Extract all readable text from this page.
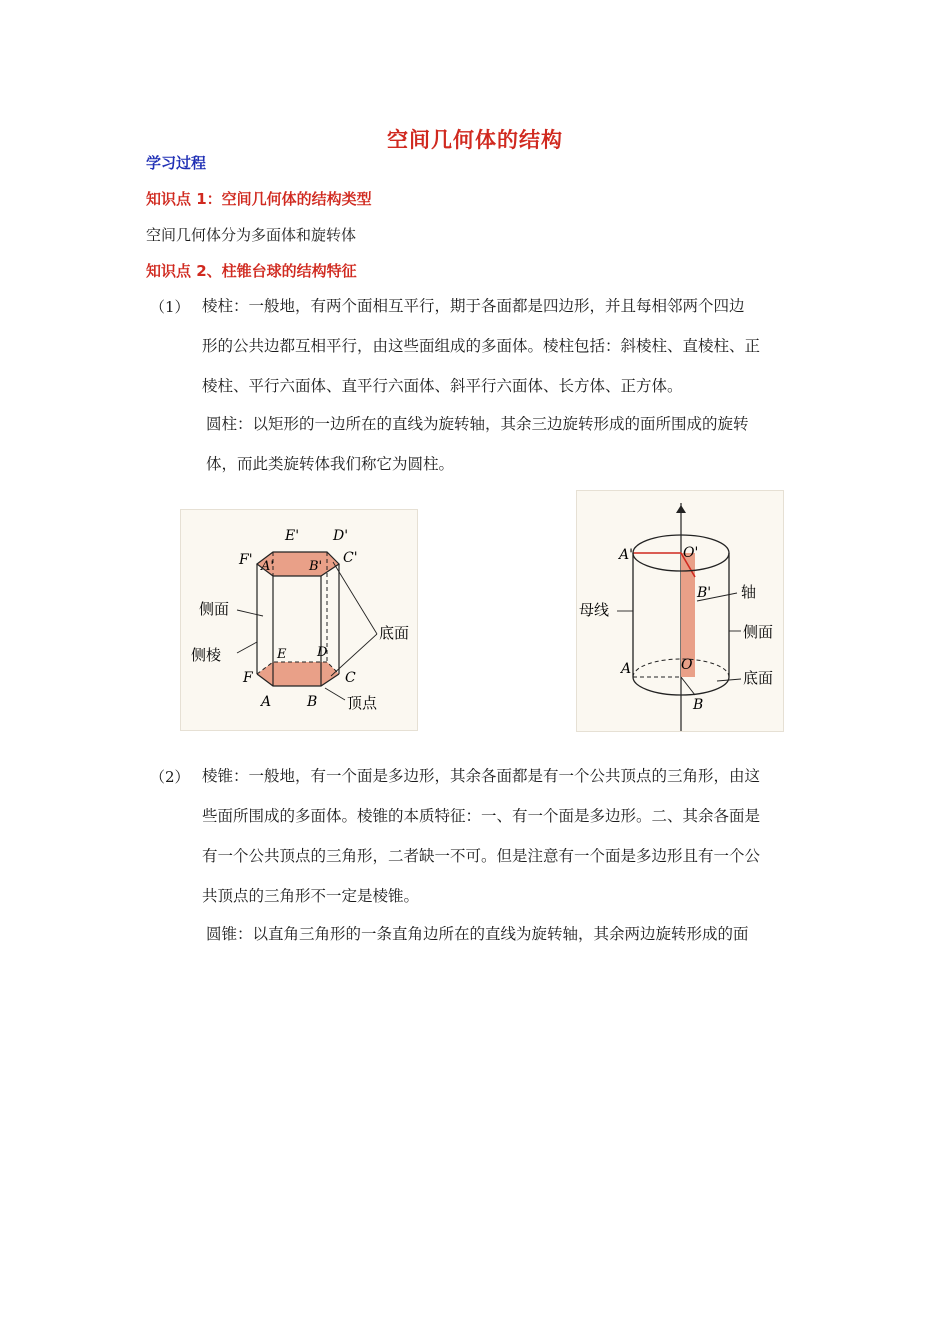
空间几何体的结构
学习过程
知识点 1：空间几何体的结构类型
空间几何体分为多面体和旋转体
知识点 2、柱锥台球的结构特征
（1） 棱柱：一般地，有两个面相互平行，期于各面都是四边形，并且每相邻两个四边
形的公共边都互相平行，由这些面组成的多面体。棱柱包括：斜棱柱、直棱柱、正
棱柱、平行六面体、直平行六面体、斜平行六面体、长方体、正方体。
圆柱：以矩形的一边所在的直线为旋转轴，其余三边旋转形成的面所围成的旋转
体，而此类旋转体我们称它为圆柱。
E' D'
F' A'	B'
C'
E D
F
A	B
C
侧面
侧棱
底面
顶点
A'	O'
B'
A	O
B
母线
轴
侧面
底面
（2） 棱锥：一般地，有一个面是多边形，其余各面都是有一个公共顶点的三角形，由这
些面所围成的多面体。棱锥的本质特征：一、有一个面是多边形。二、其余各面是
有一个公共顶点的三角形，二者缺一不可。但是注意有一个面是多边形且有一个公
共顶点的三角形不一定是棱锥。
圆锥：以直角三角形的一条直角边所在的直线为旋转轴，其余两边旋转形成的面
